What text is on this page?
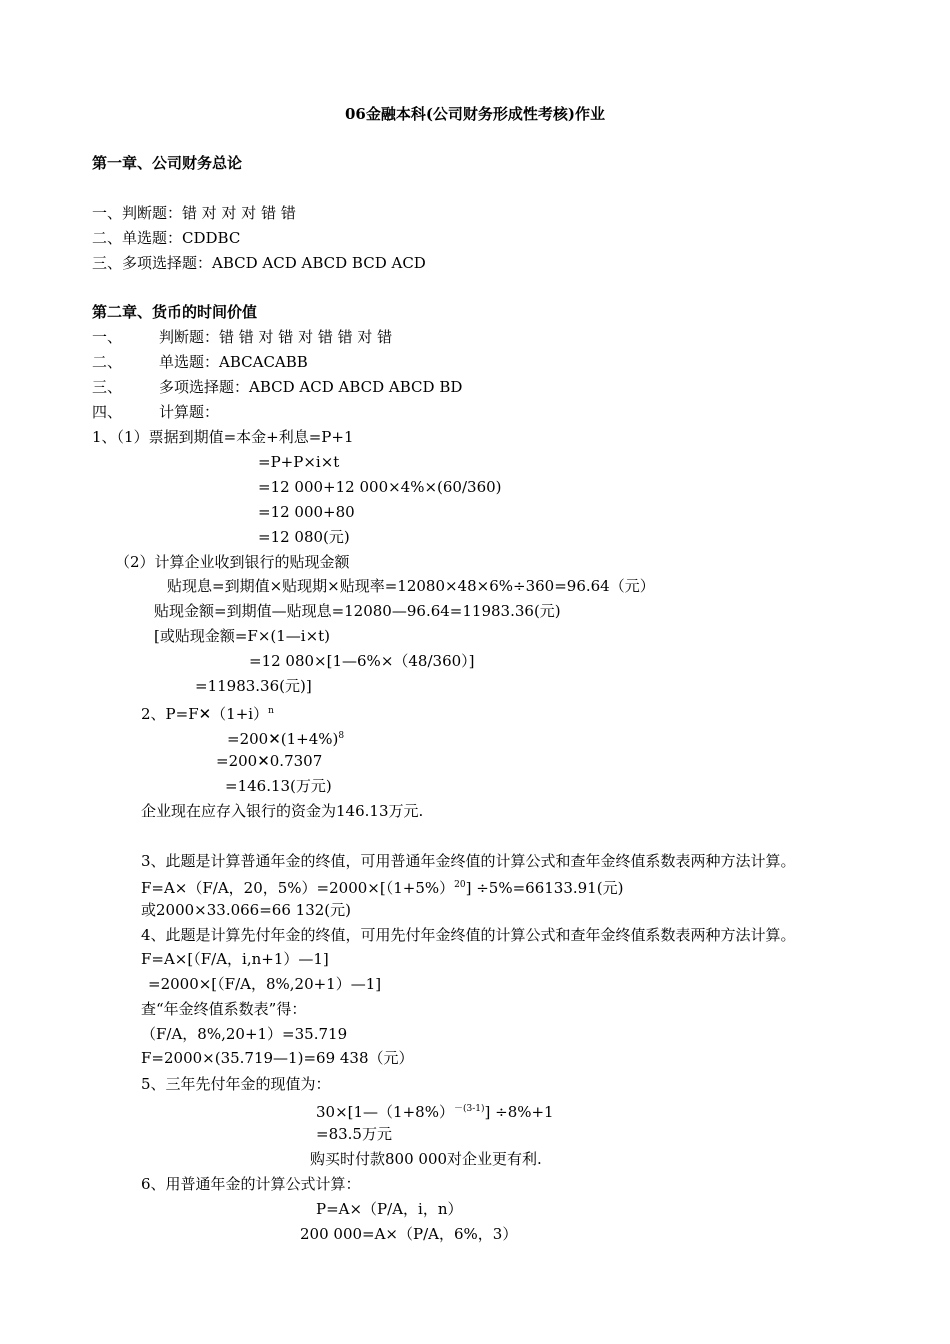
06金融本科(公司财务形成性考核)作业
第一章、公司财务总论
一、判断题：错 对 对 对 错 错
二、单选题：CDDBC
三、多项选择题：ABCD ACD ABCD BCD ACD
第二章、货币的时间价值
一、 判断题：错 错 对 错 对 错 错 对 错
二、 单选题：ABCACABB
三、 多项选择题：ABCD ACD ABCD ABCD BD
四、 计算题：
1、（1）票据到期值=本金+利息=P+1
=P+P×i×t
=12 000+12 000×4%×(60/360)
=12 000+80
=12 080(元)
（2）计算企业收到银行的贴现金额
贴现息=到期值×贴现期×贴现率=12080×48×6%÷360=96.64（元）
贴现金额=到期值—贴现息=12080—96.64=11983.36(元)
[或贴现金额=F×(1—i×t)
=12 080×[1—6%×（48/360）]
=11983.36(元)]
2、$P=F✕(1+i)^n$
$=200✕(1+4\%)^8$
=200✕0.7307
=146.13(万元)
企业现在应存入银行的资金为146.13万元.
3、此题是计算普通年金的终值，可用普通年金终值的计算公式和查年金终值系数表两种方法计算。
F=A×（F/A，20，$5\%)=2000\times[(1+5\%)^{20}] \div 5\%=66133.91$(元)
或2000×33.066=66 132(元)
4、此题是计算先付年金的终值，可用先付年金终值的计算公式和查年金终值系数表两种方法计算。
F=A×[（F/A，i,n+1）—1]
=2000×[（F/A，8%,20+1）—1]
查“年金终值系数表”得：
（F/A，8%,20+1）=35.719
F=2000×(35.719—1)=69 438（元）
5、三年先付年金的现值为：
$30\times[1—(1+8\%)^{-(3-1)}] \div 8\%+1$
=83.5万元
购买时付款800 000对企业更有利.
6、用普通年金的计算公式计算：
P=A×（P/A，i，n）
200 000=A×（P/A，6%，3）
